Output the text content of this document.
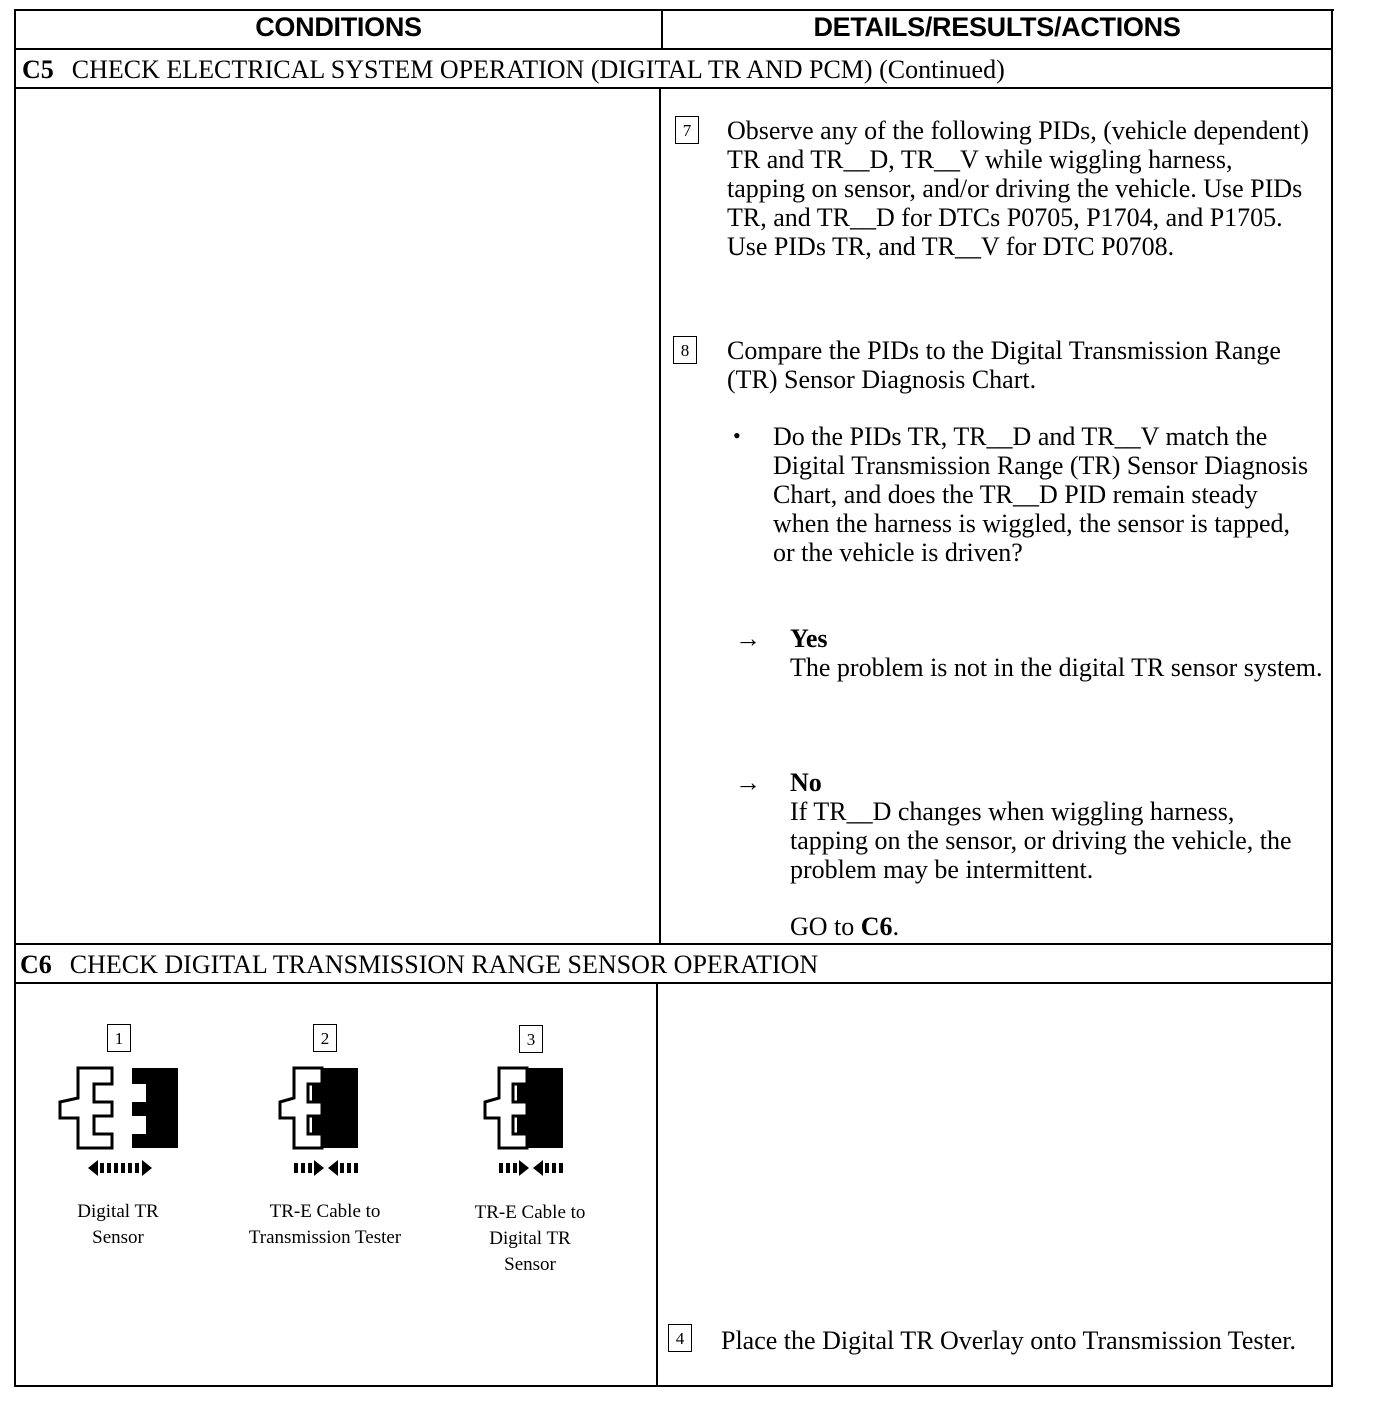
CONDITIONS	DETAILS/RESULTS/ACTIONS
C5 CHECK ELECTRICAL SYSTEM OPERATION (DIGITAL TR AND PCM) (Continued)
7 Observe any of the following PIDs, (vehicle dependent) TR and TR__D, TR__V while wiggling harness, tapping on sensor, and/or driving the vehicle. Use PIDs TR, and TR__D for DTCs P0705, P1704, and P1705. Use PIDs TR, and TR__V for DTC P0708.
8 Compare the PIDs to the Digital Transmission Range (TR) Sensor Diagnosis Chart.
• Do the PIDs TR, TR__D and TR__V match the Digital Transmission Range (TR) Sensor Diagnosis Chart, and does the TR__D PID remain steady when the harness is wiggled, the sensor is tapped, or the vehicle is driven?
→ Yes
The problem is not in the digital TR sensor system.
→ No
If TR__D changes when wiggling harness, tapping on the sensor, or driving the vehicle, the problem may be intermittent.
GO to C6.
C6 CHECK DIGITAL TRANSMISSION RANGE SENSOR OPERATION
1
Digital TR
Sensor
2
TR-E Cable to
Transmission Tester
3
TR-E Cable to
Digital TR
Sensor
4 Place the Digital TR Overlay onto Transmission Tester.
